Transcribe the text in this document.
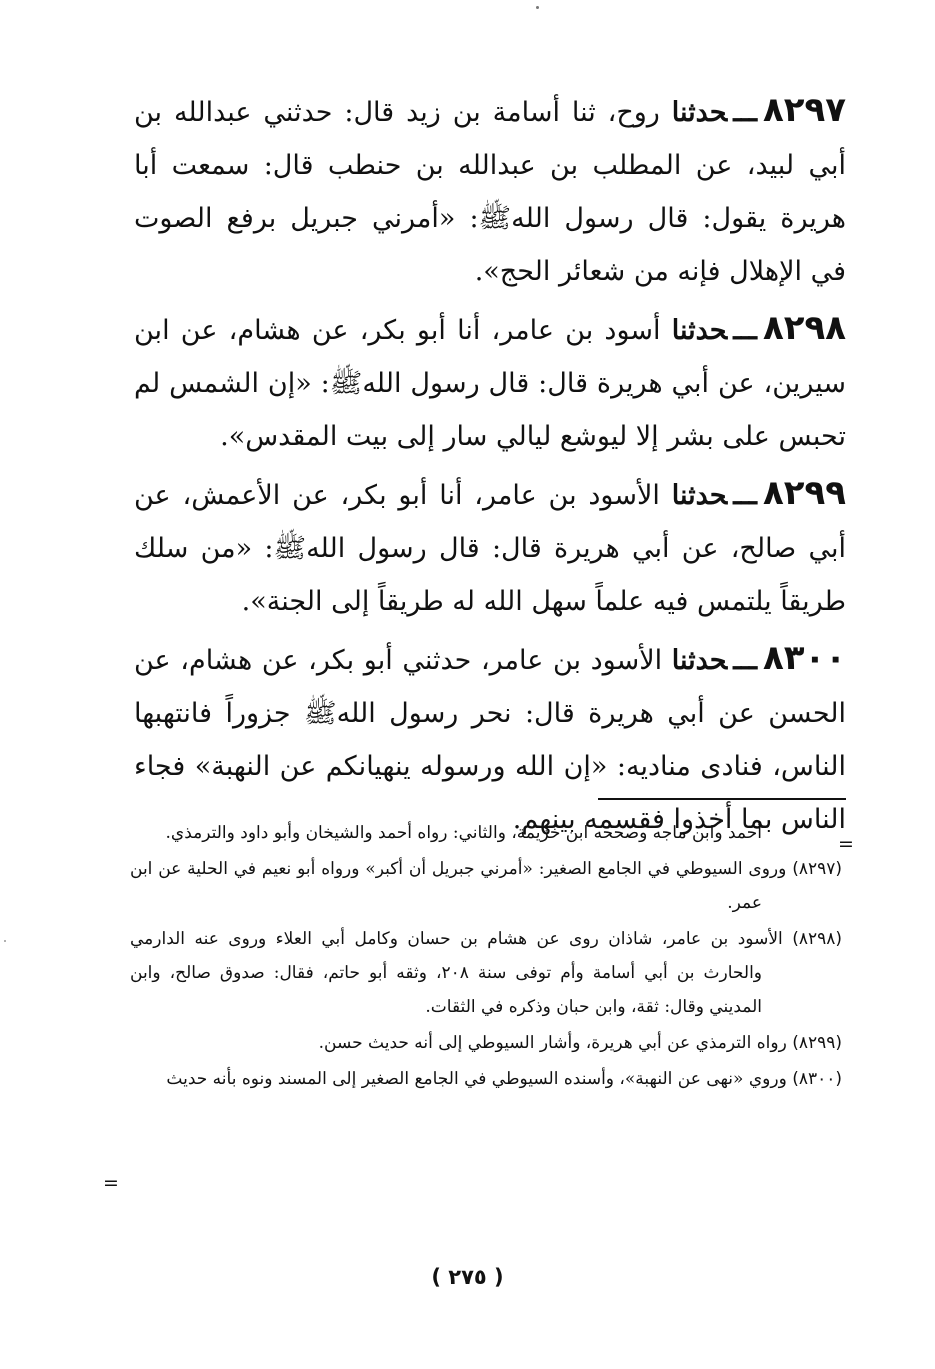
٨٢٩٧ـــحدثنا روح، ثنا أسامة بن زيد قال: حدثني عبدالله بن أبي لبيد، عن المطلب بن عبدالله بن حنطب قال: سمعت أبا هريرة يقول: قال رسول اللهﷺ: «أمرني جبريل برفع الصوت في الإهلال فإنه من شعائر الحج».

٨٢٩٨ـــحدثنا أسود بن عامر، أنا أبو بكر، عن هشام، عن ابن سيرين، عن أبي هريرة قال: قال رسول اللهﷺ: «إن الشمس لم تحبس على بشر إلا ليوشع ليالي سار إلى بيت المقدس».

٨٢٩٩ـــحدثنا الأسود بن عامر، أنا أبو بكر، عن الأعمش، عن أبي صالح، عن أبي هريرة قال: قال رسول اللهﷺ: «من سلك طريقاً يلتمس فيه علماً سهل الله له طريقاً إلى الجنة».

٨٣٠٠ـــحدثنا الأسود بن عامر، حدثني أبو بكر، عن هشام، عن الحسن عن أبي هريرة قال: نحر رسول اللهﷺ جزوراً فانتهبها الناس، فنادى مناديه: «إن الله ورسوله ينهيانكم عن النهبة» فجاء الناس بما أخذوا فقسمه بينهم.

=

أحمد وابن ماجه وصححه ابن خزيمة، والثاني: رواه أحمد والشيخان وأبو داود والترمذي.

(٨٢٩٧) وروى السيوطي في الجامع الصغير: «أمرني جبريل أن أكبر» ورواه أبو نعيم في الحلية عن ابن عمر.

(٨٢٩٨) الأسود بن عامر، شاذان روى عن هشام بن حسان وكامل أبي العلاء وروى عنه الدارمي والحارث بن أبي أسامة وأم توفى سنة ٢٠٨، وثقه أبو حاتم، فقال: صدوق صالح، وابن المديني وقال: ثقة، وابن حبان وذكره في الثقات.

(٨٢٩٩) رواه الترمذي عن أبي هريرة، وأشار السيوطي إلى أنه حديث حسن.

(٨٣٠٠) وروي «نهى عن النهبة»، وأسنده السيوطي في الجامع الصغير إلى المسند ونوه بأنه حديث

=
( ٢٧٥ )
